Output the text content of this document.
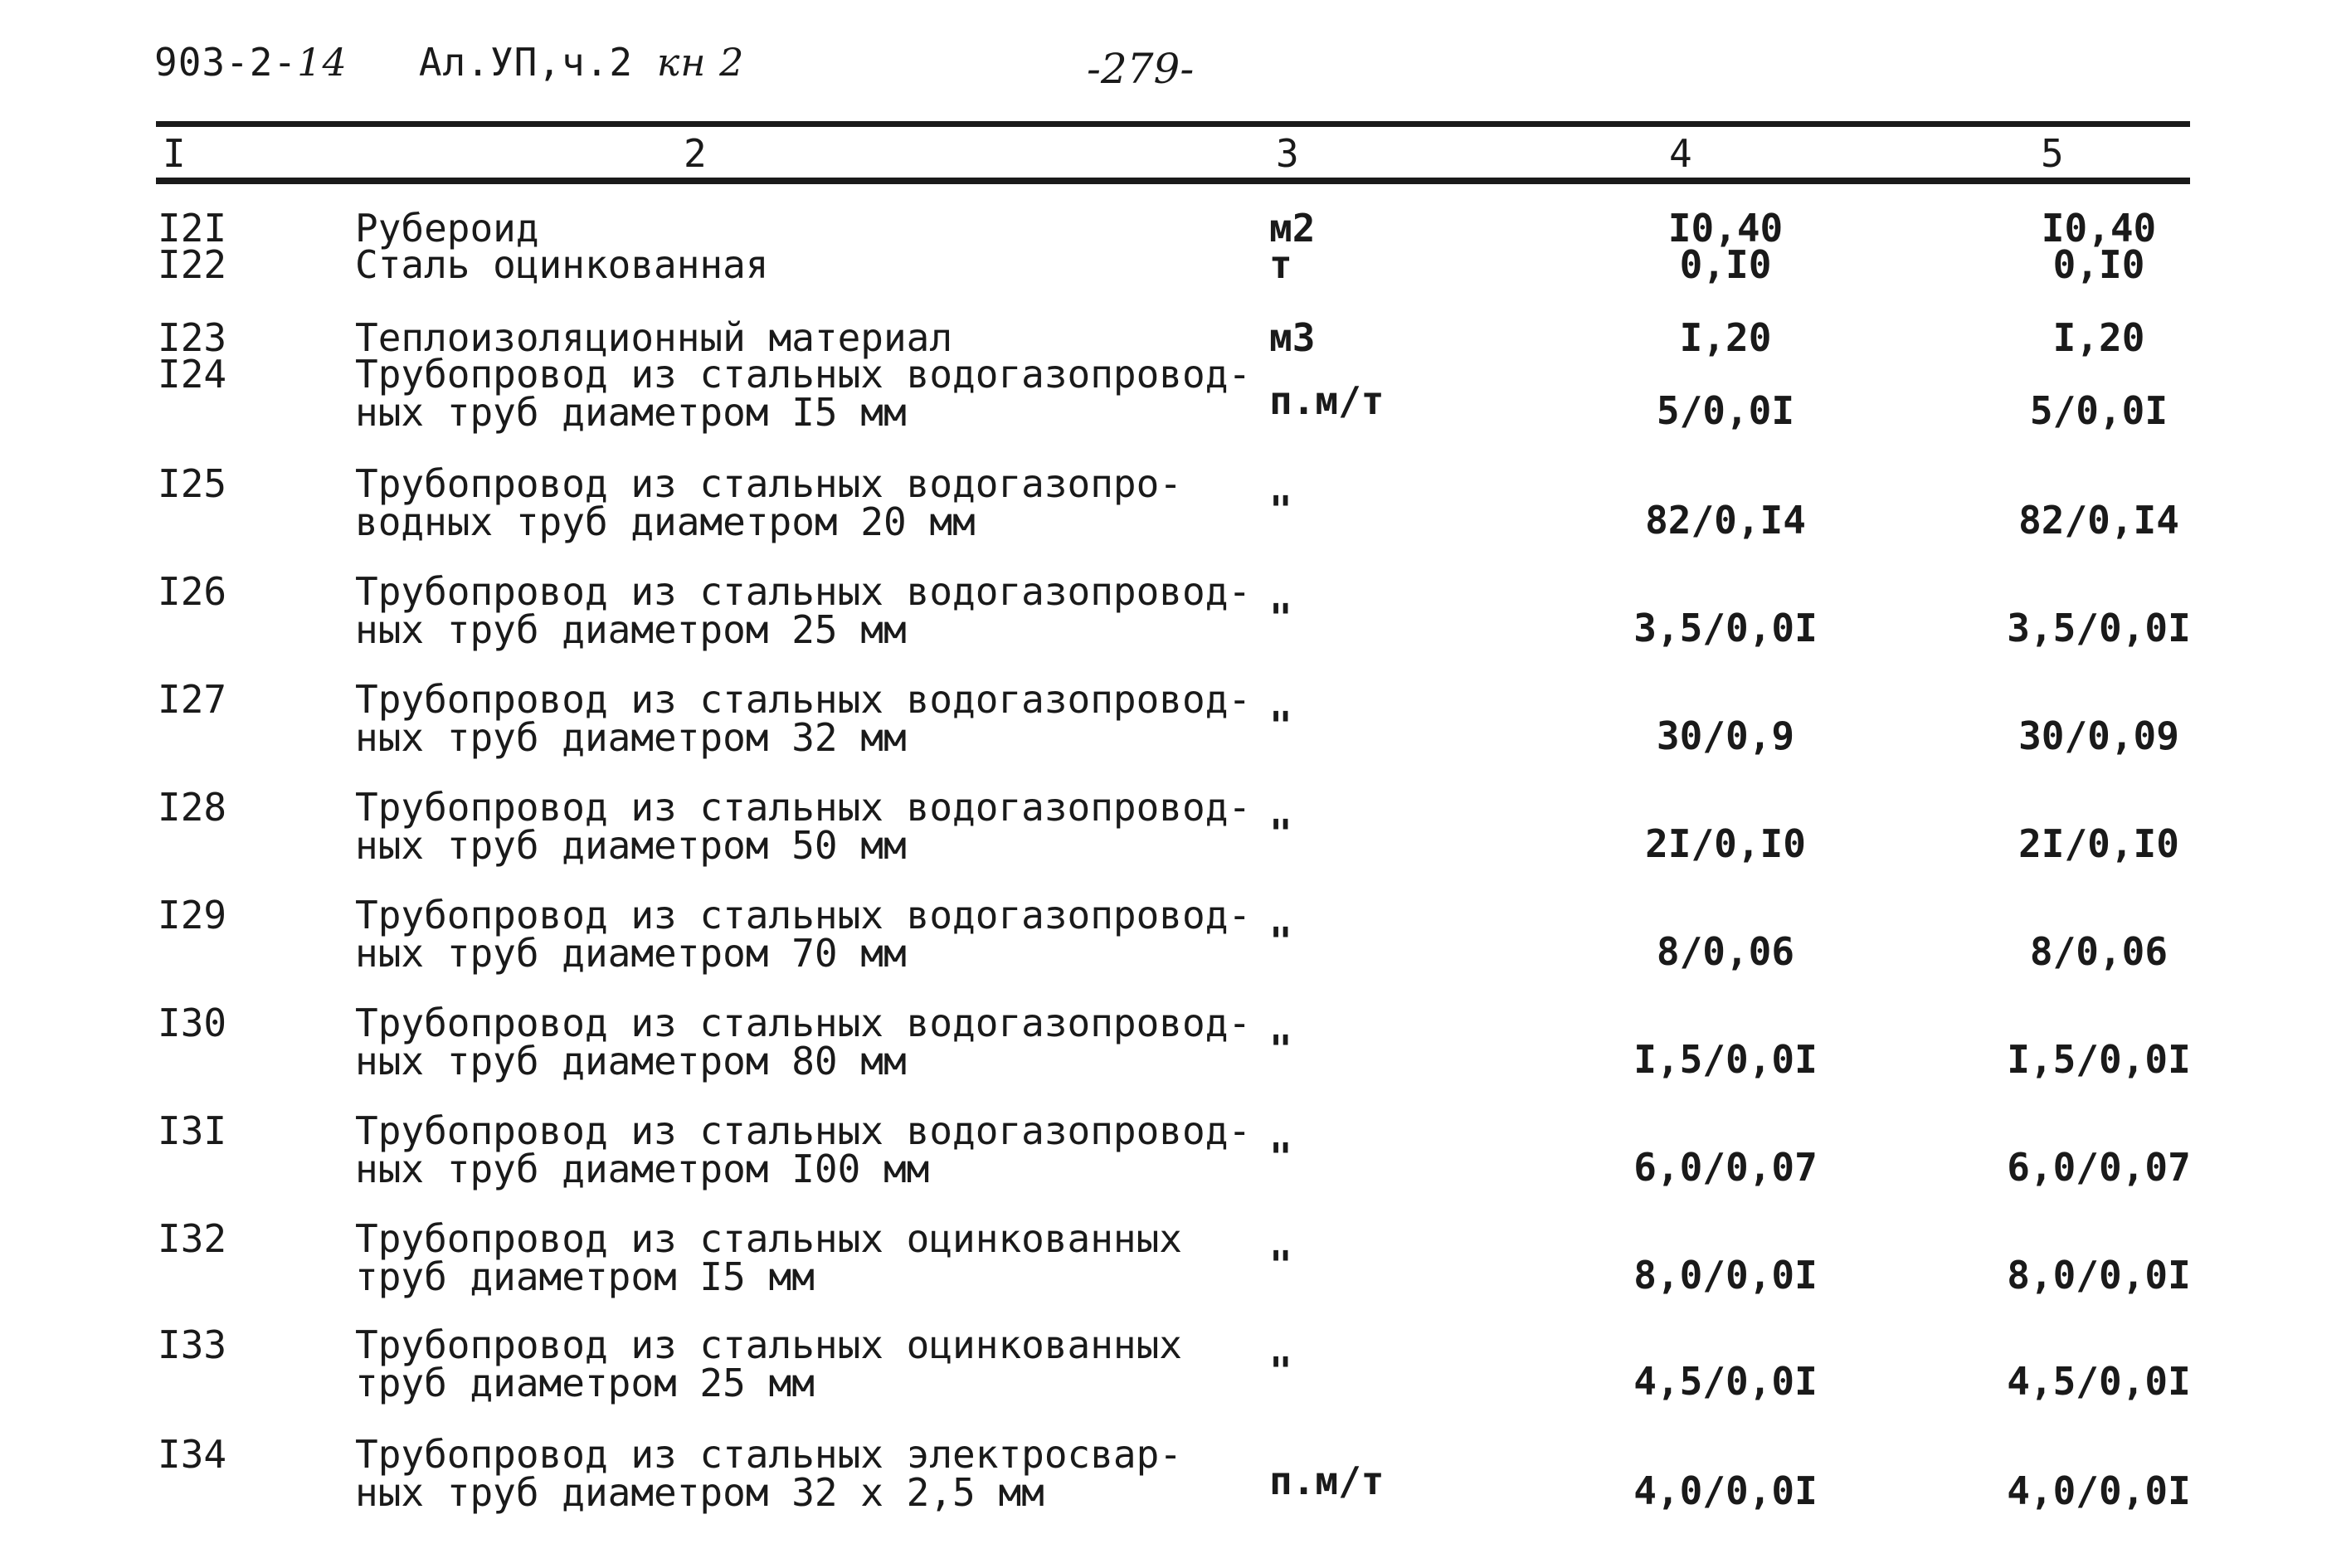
903-2-14 Ал.УП,ч.2 кн 2	-279-
I	2	3	4	5
I2I	Рубероид	м2	I0,40	I0,40
I22	Сталь оцинкованная	т	0,I0	0,I0
I23	Теплоизоляционный материал	м3	I,20	I,20
I24	Трубопровод из стальных водогазопровод-
ных труб диаметром I5 мм	п.м/т	5/0,0I	5/0,0I
I25	Трубопровод из стальных водогазопро-
водных труб диаметром 20 мм	"	82/0,I4	82/0,I4
I26	Трубопровод из стальных водогазопровод-
ных труб диаметром 25 мм	"	3,5/0,0I	3,5/0,0I
I27	Трубопровод из стальных водогазопровод-
ных труб диаметром 32 мм	"	30/0,9	30/0,09
I28	Трубопровод из стальных водогазопровод-
ных труб диаметром 50 мм	"	2I/0,I0	2I/0,I0
I29	Трубопровод из стальных водогазопровод-
ных труб диаметром 70 мм	"	8/0,06	8/0,06
I30	Трубопровод из стальных водогазопровод-
ных труб диаметром 80 мм	"	I,5/0,0I	I,5/0,0I
I3I	Трубопровод из стальных водогазопровод-
ных труб диаметром I00 мм	"	6,0/0,07	6,0/0,07
I32	Трубопровод из стальных оцинкованных
труб диаметром I5 мм	"	8,0/0,0I	8,0/0,0I
I33	Трубопровод из стальных оцинкованных
труб диаметром 25 мм	"	4,5/0,0I	4,5/0,0I
I34	Трубопровод из стальных электросвар-
ных труб диаметром 32 x 2,5 мм	п.м/т	4,0/0,0I	4,0/0,0I
